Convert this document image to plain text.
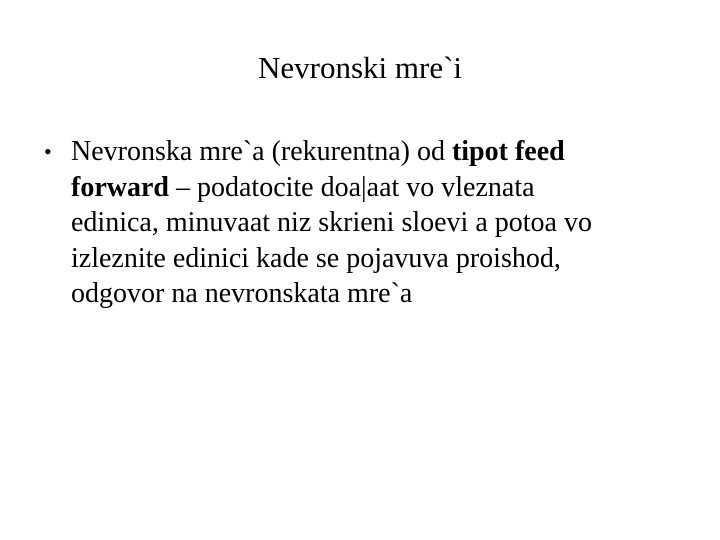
Nevronski mre`i
• Nevronska mre`a (rekurentna) od tipot feed
forward – podatocite doa|aat vo vleznata
edinica, minuvaat niz skrieni sloevi a potoa vo
izleznite edinici kade se pojavuva proishod,
odgovor na nevronskata mre`a
